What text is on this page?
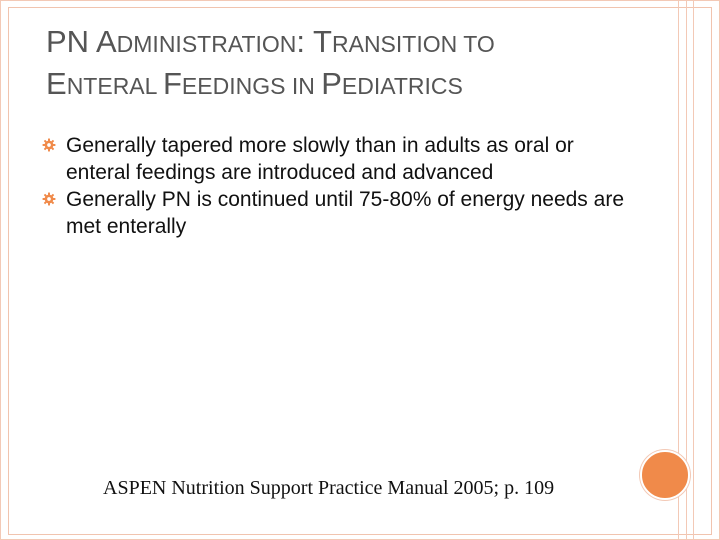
PN ADMINISTRATION: TRANSITION TO
ENTERAL FEEDINGS IN PEDIATRICS
Generally tapered more slowly than in adults as oral or enteral feedings are introduced and advanced
Generally PN is continued until 75-80% of energy needs are met enterally
ASPEN Nutrition Support Practice Manual 2005; p. 109
